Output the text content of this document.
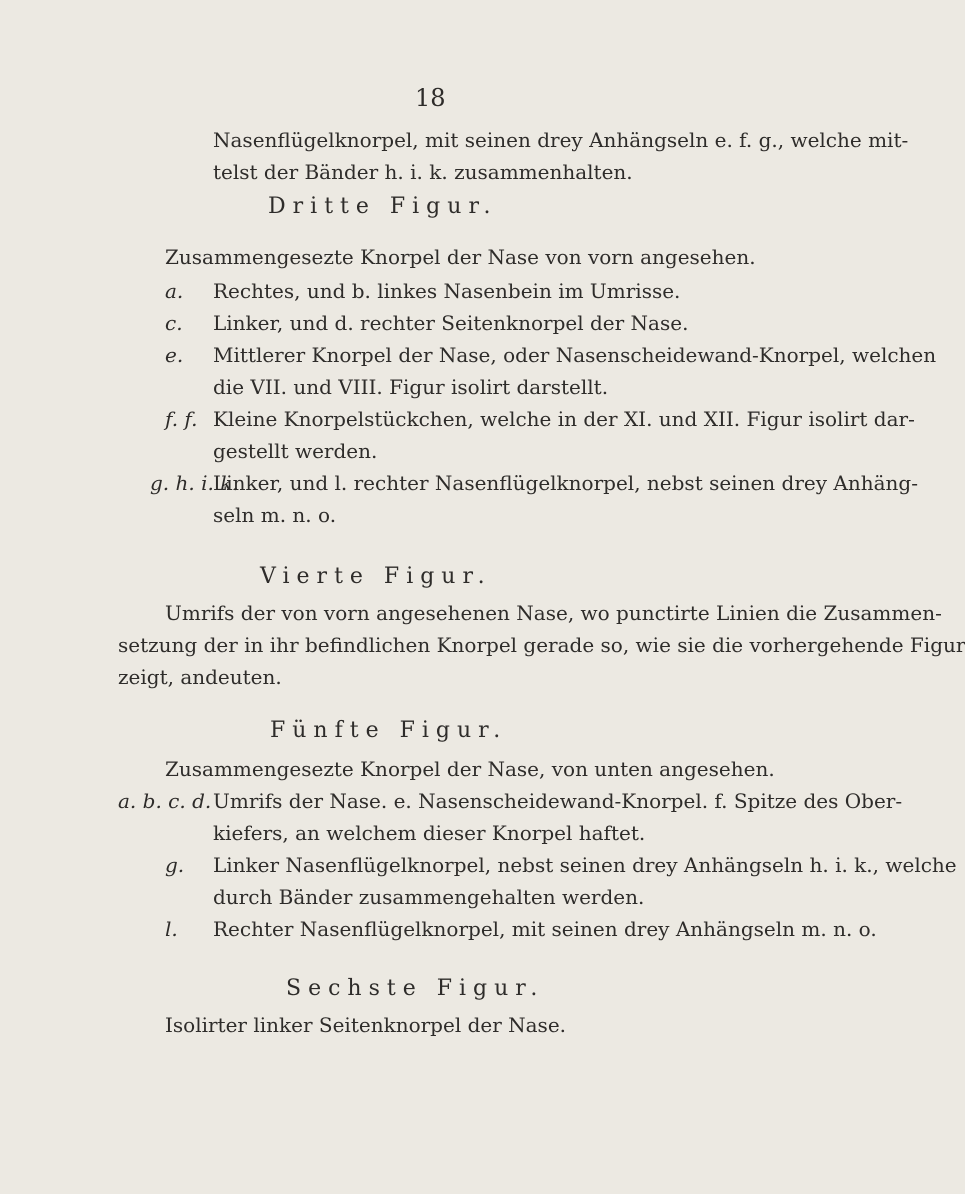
18
Nasenflügelknorpel, mit seinen drey Anhängseln e. f. g., welche mit-
telst der Bänder h. i. k. zusammenhalten.
Dritte Figur.
Zusammengesezte Knorpel der Nase von vorn angesehen.
a. Rechtes, und b. linkes Nasenbein im Umrisse.
c. Linker, und d. rechter Seitenknorpel der Nase.
e. Mittlerer Knorpel der Nase, oder Nasenscheidewand-Knorpel, welchen
die VII. und VIII. Figur isolirt darstellt.
f. f. Kleine Knorpelstückchen, welche in der XI. und XII. Figur isolirt dar-
gestellt werden.
g. h. i. k.
Linker, und l. rechter Nasenflügelknorpel, nebst seinen drey Anhäng-
seln m. n. o.
Vierte Figur.
Umrifs der von vorn angesehenen Nase, wo punctirte Linien die Zusammen-
setzung der in ihr befindlichen Knorpel gerade so, wie sie die vorhergehende Figur
zeigt, andeuten.
Fünfte Figur.
Zusammengesezte Knorpel der Nase, von unten angesehen.
a. b. c. d. Umrifs der Nase. e. Nasenscheidewand-Knorpel. f. Spitze des Ober-
kiefers, an welchem dieser Knorpel haftet.
g. Linker Nasenflügelknorpel, nebst seinen drey Anhängseln h. i. k., welche
durch Bänder zusammengehalten werden.
l. Rechter Nasenflügelknorpel, mit seinen drey Anhängseln m. n. o.
Sechste Figur.
Isolirter linker Seitenknorpel der Nase.
